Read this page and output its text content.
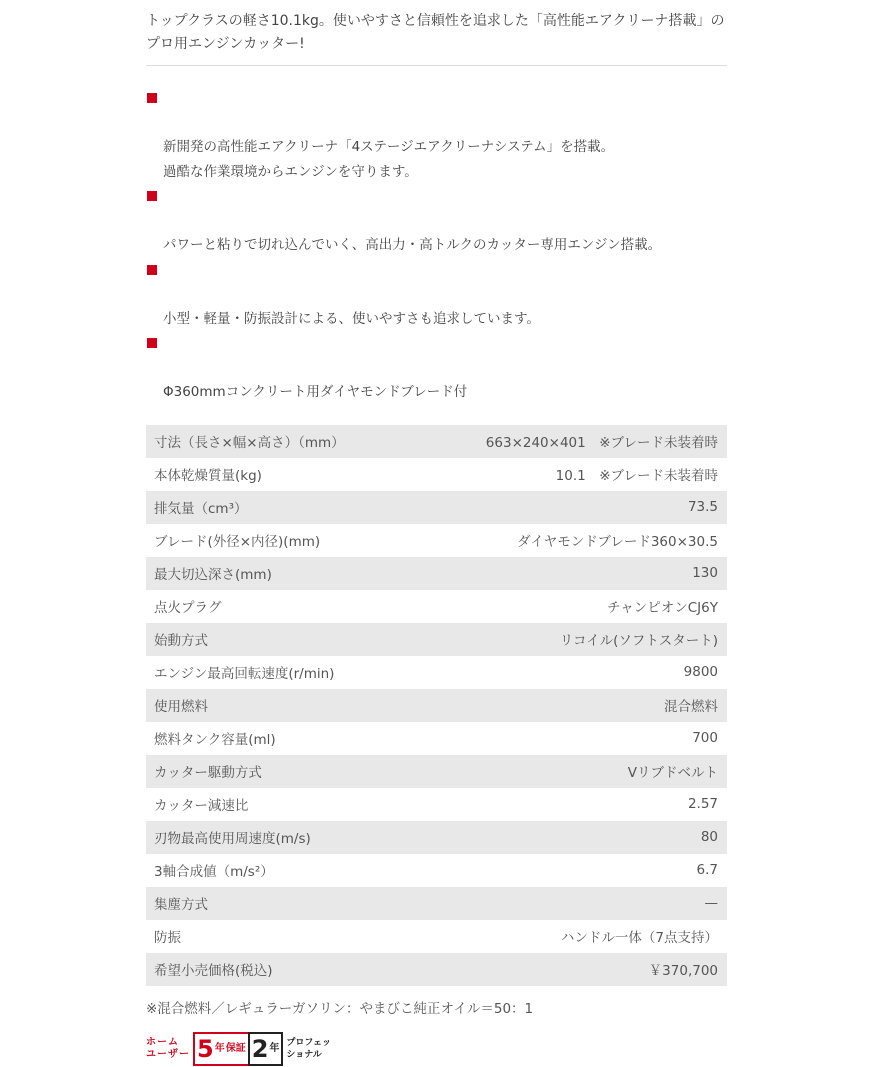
トップクラスの軽さ10.1kg。使いやすさと信頼性を追求した「高性能エアクリーナ搭載」の
プロ用エンジンカッター!

新開発の高性能エアクリーナ「4ステージエアクリーナシステム」を搭載。
過酷な作業環境からエンジンを守ります。

パワーと粘りで切れ込んでいく、高出力・高トルクのカッター専用エンジン搭載。

小型・軽量・防振設計による、使いやすさも追求しています。

Φ360mmコンクリート用ダイヤモンドブレード付

寸法（長さ×幅×高さ）（mm）	663×240×401　※ブレード未装着時
本体乾燥質量(kg)	10.1　※ブレード未装着時
排気量（cm³）	73.5
ブレード(外径×内径)(mm)	ダイヤモンドブレード360×30.5
最大切込深さ(mm)	130
点火プラグ	チャンピオンCJ6Y
始動方式	リコイル(ソフトスタート)
エンジン最高回転速度(r/min)	9800
使用燃料	混合燃料
燃料タンク容量(ml)	700
カッター駆動方式	Vリブドベルト
カッター減速比	2.57
刃物最高使用周速度(m/s)	80
3軸合成値（m/s²）	6.7
集塵方式	—
防振	ハンドル一体（7点支持）
希望小売価格(税込)	￥370,700
※混合燃料／レギュラーガソリン：やまびこ純正オイル＝50：1
ホーム
ユーザー 5 年 保証 2 年
プロフェッ
ショナル
